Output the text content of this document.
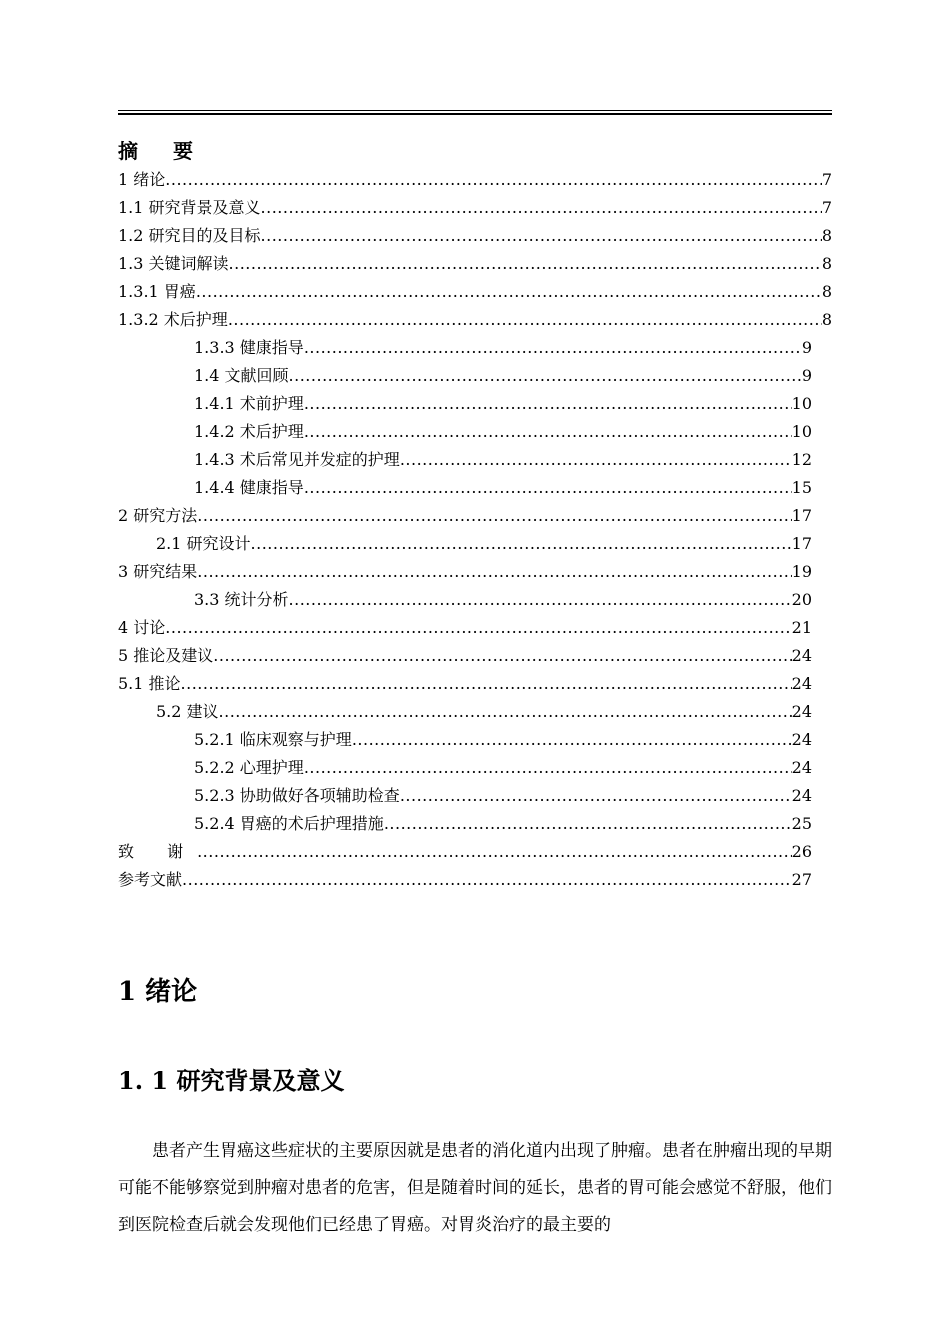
摘 要
1 绪论 .....	7
1.1 研究背景及意义 .....	7
1.2 研究目的及目标 .....	8
1.3 关键词解读 .....	8
1.3.1 胃癌 .....	8
1.3.2 术后护理 .....	8
1.3.3 健康指导 .....	9
1.4 文献回顾 .....	9
1.4.1 术前护理 .....	10
1.4.2 术后护理 .....	10
1.4.3 术后常见并发症的护理 .....	12
1.4.4 健康指导 .....	15
2 研究方法 .....	17
2.1 研究设计 .....	17
3 研究结果 .....	19
3.3 统计分析 .....	20
4 讨论 .....	21
5 推论及建议 .....	24
5.1 推论 .....	24
5.2 建议 .....	24
5.2.1 临床观察与护理 .....	24
5.2.2 心理护理 .....	24
5.2.3 协助做好各项辅助检查 .....	24
5.2.4 胃癌的术后护理措施 .....	25
致 谢 .....	26
参考文献 .....	27
1 绪论
1. 1 研究背景及意义

患者产生胃癌这些症状的主要原因就是患者的消化道内出现了肿瘤。患者在肿瘤出现的早期可能不能够察觉到肿瘤对患者的危害，但是随着时间的延长，患者的胃可能会感觉不舒服，他们到医院检查后就会发现他们已经患了胃癌。对胃炎治疗的最主要的
